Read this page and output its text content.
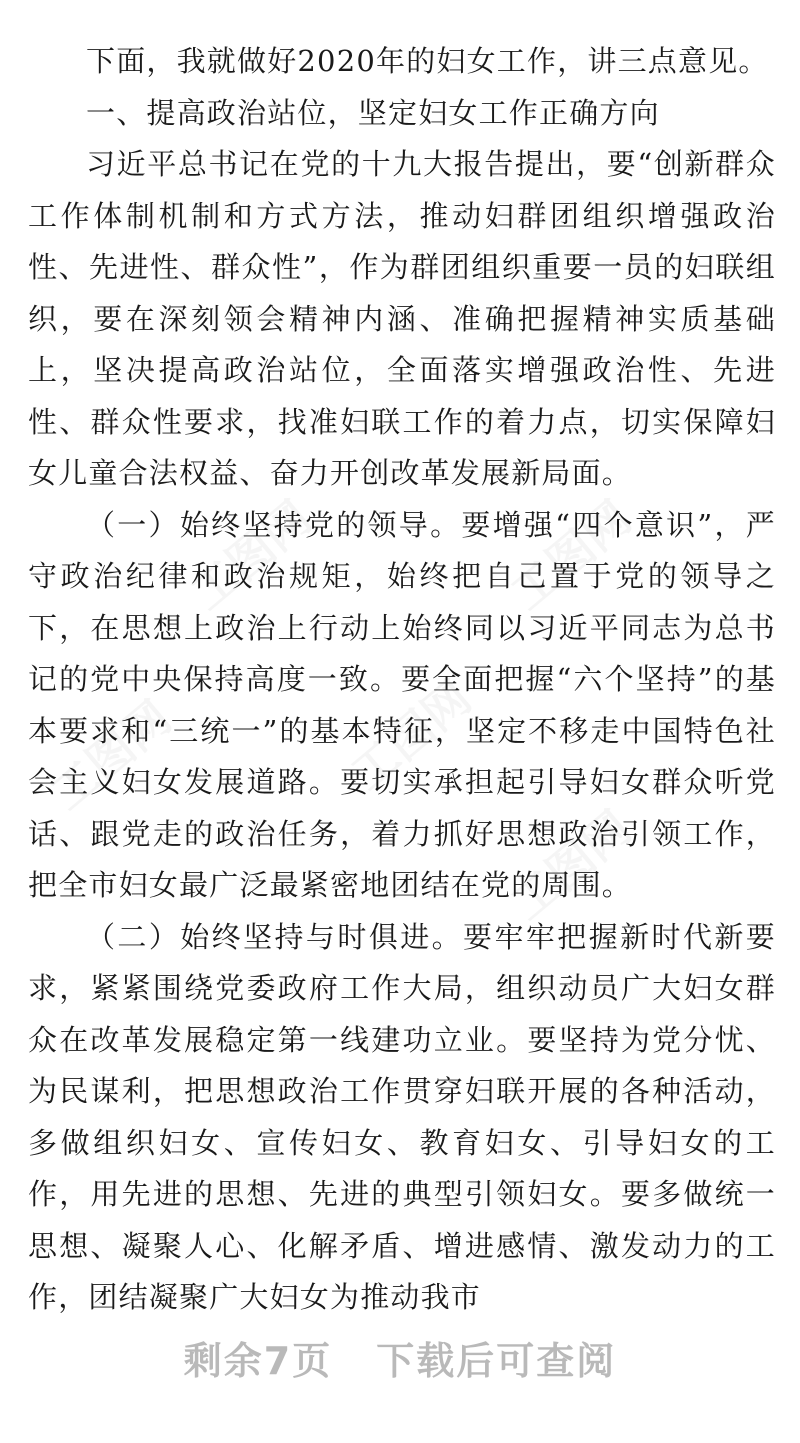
下面，我就做好2020年的妇女工作，讲三点意见。

一、提高政治站位，坚定妇女工作正确方向

习近平总书记在党的十九大报告提出，要“创新群众工作体制机制和方式方法，推动妇群团组织增强政治性、先进性、群众性”，作为群团组织重要一员的妇联组织，要在深刻领会精神内涵、准确把握精神实质基础上，坚决提高政治站位，全面落实增强政治性、先进性、群众性要求，找准妇联工作的着力点，切实保障妇女儿童合法权益、奋力开创改革发展新局面。

（一）始终坚持党的领导。要增强“四个意识”，严守政治纪律和政治规矩，始终把自己置于党的领导之下，在思想上政治上行动上始终同以习近平同志为总书记的党中央保持高度一致。要全面把握“六个坚持”的基本要求和“三统一”的基本特征，坚定不移走中国特色社会主义妇女发展道路。要切实承担起引导妇女群众听党话、跟党走的政治任务，着力抓好思想政治引领工作，把全市妇女最广泛最紧密地团结在党的周围。

（二）始终坚持与时俱进。要牢牢把握新时代新要求，紧紧围绕党委政府工作大局，组织动员广大妇女群众在改革发展稳定第一线建功立业。要坚持为党分忧、为民谋利，把思想政治工作贯穿妇联开展的各种活动，多做组织妇女、宣传妇女、教育妇女、引导妇女的工作，用先进的思想、先进的典型引领妇女。要多做统一思想、凝聚人心、化解矛盾、增进感情、激发动力的工作，团结凝聚广大妇女为推动我市

剩余7页 下载后可查阅
